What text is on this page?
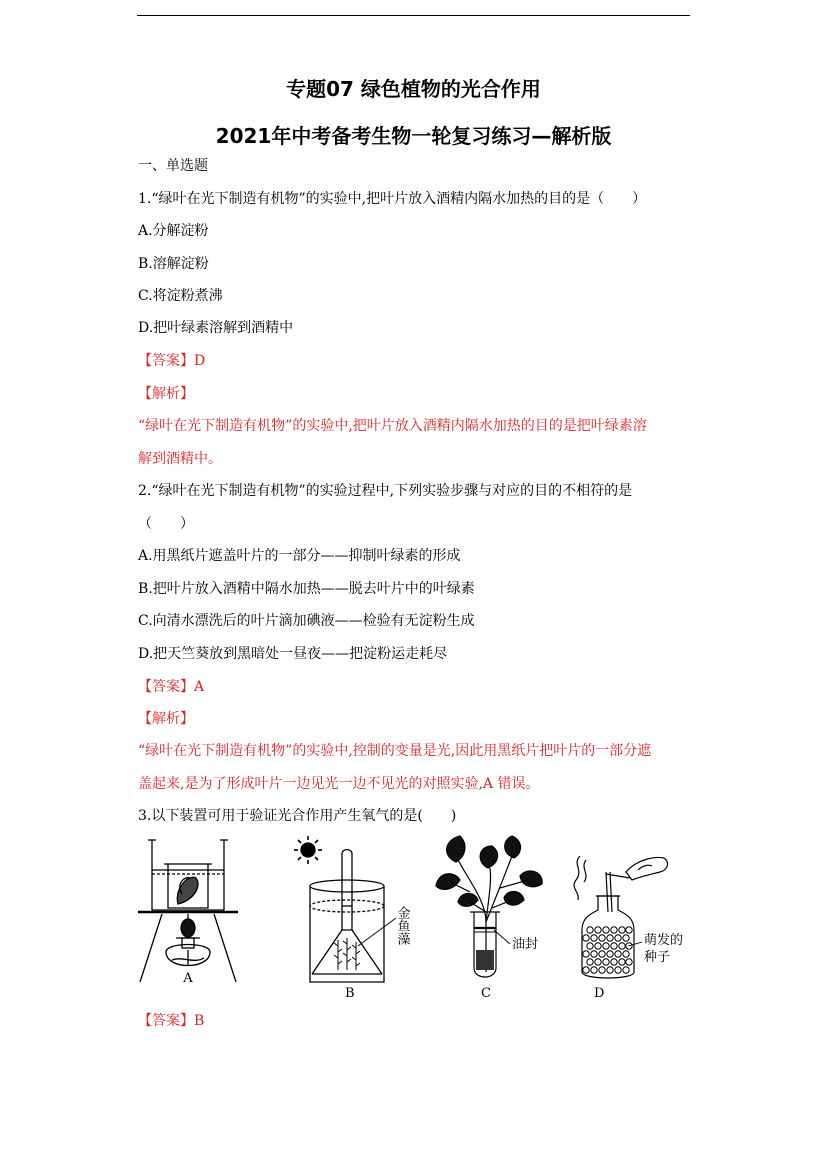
专题07 绿色植物的光合作用
2021年中考备考生物一轮复习练习—解析版
一、单选题
1.“绿叶在光下制造有机物”的实验中,把叶片放入酒精内隔水加热的目的是（　　）
A.分解淀粉
B.溶解淀粉
C.将淀粉煮沸
D.把叶绿素溶解到酒精中
【答案】D
【解析】
“绿叶在光下制造有机物”的实验中,把叶片放入酒精内隔水加热的目的是把叶绿素溶
解到酒精中。
2.“绿叶在光下制造有机物”的实验过程中,下列实验步骤与对应的目的不相符的是
（　　）
A.用黑纸片遮盖叶片的一部分——抑制叶绿素的形成
B.把叶片放入酒精中隔水加热——脱去叶片中的叶绿素
C.向清水漂洗后的叶片滴加碘液——检验有无淀粉生成
D.把天竺葵放到黑暗处一昼夜——把淀粉运走耗尽
【答案】A
【解析】
“绿叶在光下制造有机物”的实验中,控制的变量是光,因此用黑纸片把叶片的一部分遮
盖起来,是为了形成叶片一边见光一边不见光的对照实验,A 错误。
3.以下装置可用于验证光合作用产生氧气的是(　　)
A
金鱼藻
B
油封
C
萌发的
种子
D
【答案】B
